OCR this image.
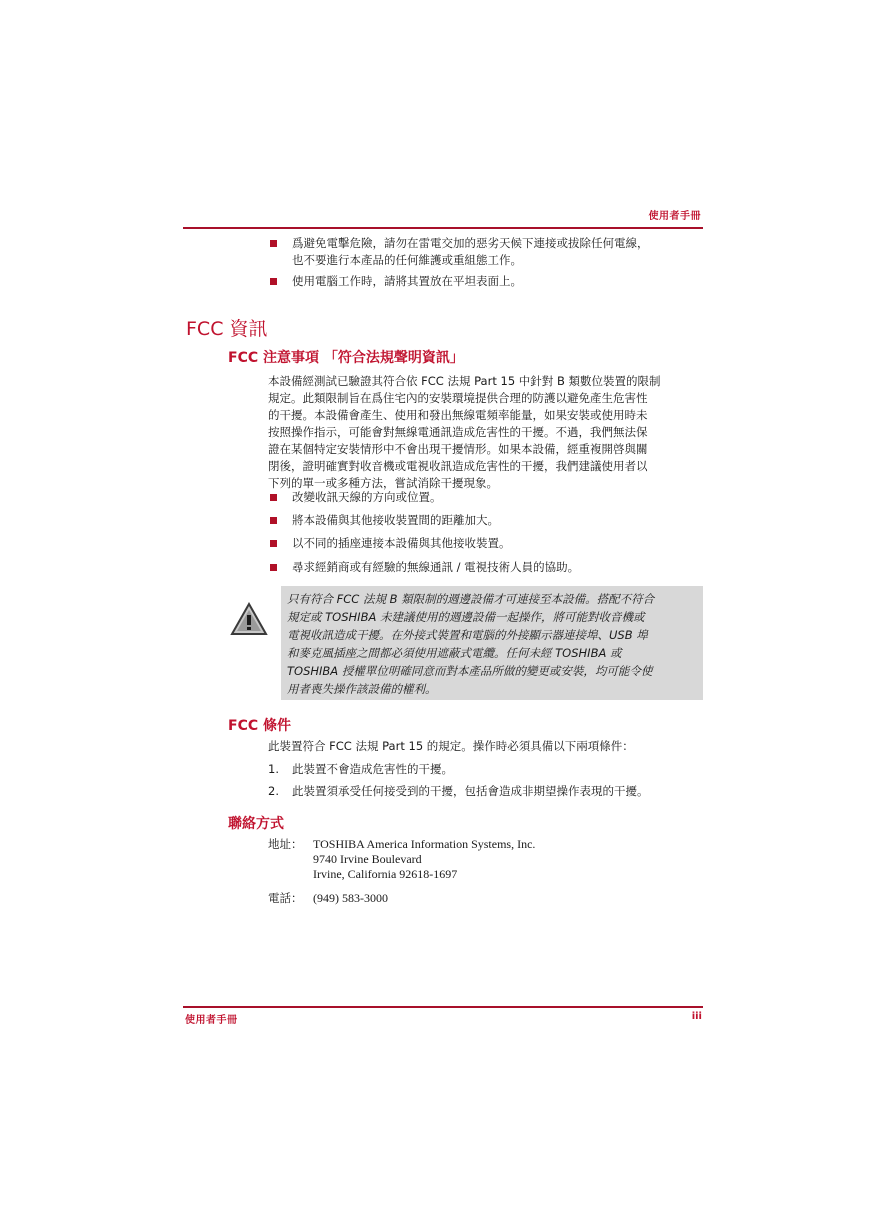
使用者手冊
爲避免電擊危險，請勿在雷電交加的惡劣天候下連接或拔除任何電線，
也不要進行本產品的任何維護或重組態工作。
使用電腦工作時，請將其置放在平坦表面上。
FCC 資訊
FCC 注意事項 「符合法規聲明資訊」
本設備經測試已驗證其符合依 FCC 法規 Part 15 中針對 B 類數位裝置的限制
規定。此類限制旨在爲住宅內的安裝環境提供合理的防護以避免產生危害性
的干擾。本設備會產生、使用和發出無線電頻率能量，如果安裝或使用時未
按照操作指示，可能會對無線電通訊造成危害性的干擾。不過，我們無法保
證在某個特定安裝情形中不會出現干擾情形。如果本設備，經重複開啓與關
閉後，證明確實對收音機或電視收訊造成危害性的干擾，我們建議使用者以
下列的單一或多種方法，嘗試消除干擾現象。
改變收訊天線的方向或位置。
將本設備與其他接收裝置間的距離加大。
以不同的插座連接本設備與其他接收裝置。
尋求經銷商或有經驗的無線通訊 / 電視技術人員的協助。
只有符合 FCC 法規 B 類限制的週邊設備才可連接至本設備。搭配不符合
規定或 TOSHIBA 未建議使用的週邊設備一起操作，將可能對收音機或
電視收訊造成干擾。在外接式裝置和電腦的外接顯示器連接埠、USB 埠
和麥克風插座之間都必須使用遮蔽式電纜。任何未經 TOSHIBA 或
TOSHIBA 授權單位明確同意而對本產品所做的變更或安裝，均可能令使
用者喪失操作該設備的權利。
FCC 條件
此裝置符合 FCC 法規 Part 15 的規定。操作時必須具備以下兩項條件：
1. 此裝置不會造成危害性的干擾。
2. 此裝置須承受任何接受到的干擾，包括會造成非期望操作表現的干擾。
聯絡方式
地址： TOSHIBA America Information Systems, Inc.
9740 Irvine Boulevard
Irvine, California 92618-1697
電話： (949) 583-3000
使用者手冊	iii
